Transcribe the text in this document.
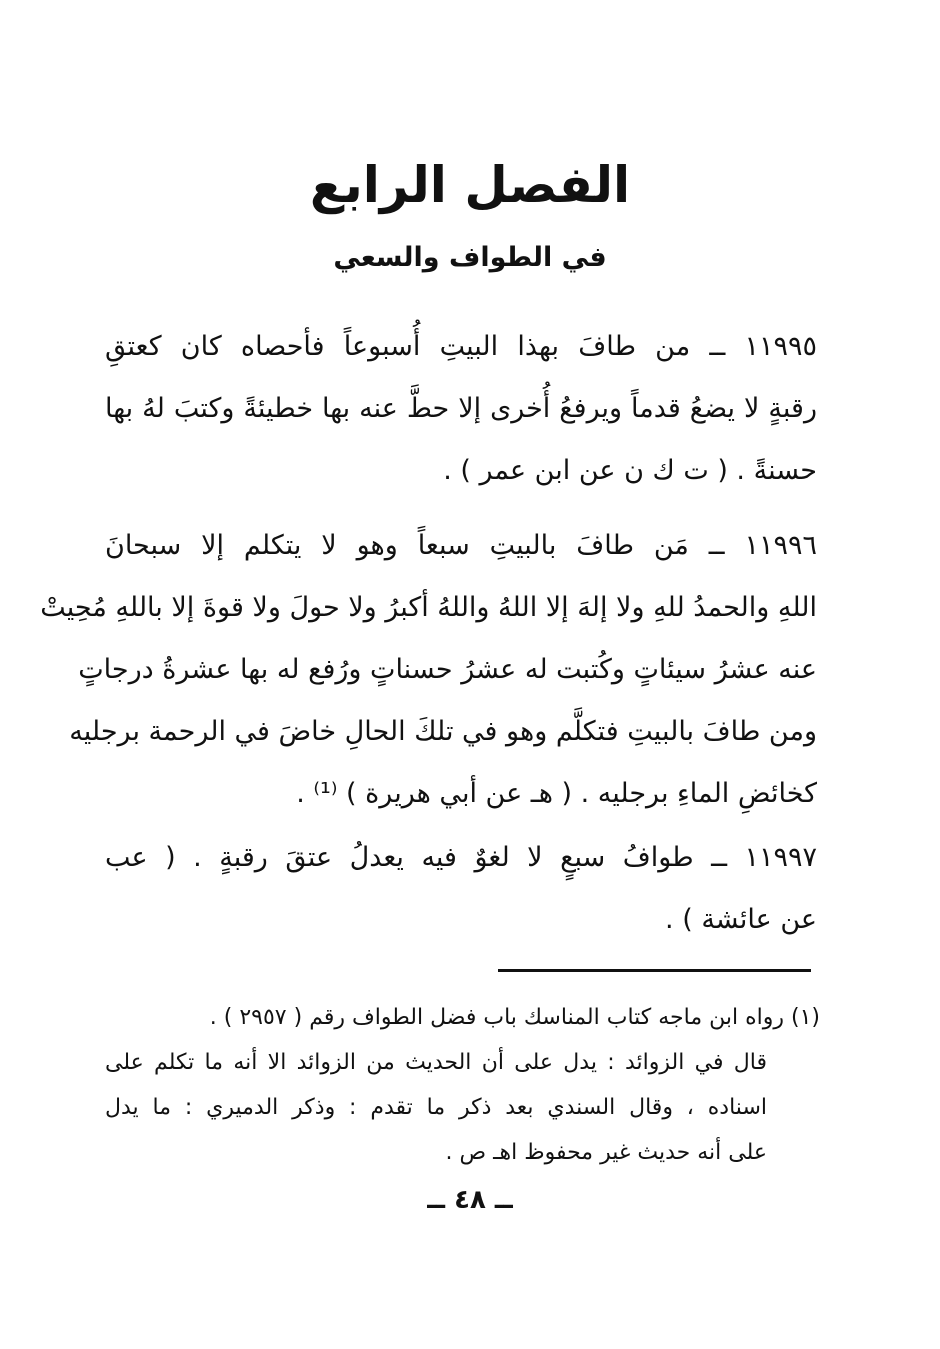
الفصل الرابع
في الطواف والسعي
١١٩٩٥ ــ من طافَ بهذا البيتِ أُسبوعاً فأحصاه كان كعتقِ
رقبةٍ لا يضعُ قدماً ويرفعُ أُخرى إلا حطَّ عنه بها خطيئةً وكتبَ لهُ بها
حسنةً . ( ت ك ن عن ابن عمر ) .
١١٩٩٦ ــ مَن طافَ بالبيتِ سبعاً وهو لا يتكلم إلا سبحانَ
اللهِ والحمدُ للهِ ولا إلهَ إلا اللهُ واللهُ أكبرُ ولا حولَ ولا قوةَ إلا باللهِ مُحِيتْ
عنه عشرُ سيئاتٍ وكُتبت له عشرُ حسناتٍ ورُفع له بها عشرةُ درجاتٍ
ومن طافَ بالبيتِ فتكلَّم وهو في تلكَ الحالِ خاضَ في الرحمة برجليه
كخائضِ الماءِ برجليه . ( هـ عن أبي هريرة ) ⁽¹⁾ .
١١٩٩٧ ــ طوافُ سبعٍ لا لغوٌ فيه يعدلُ عتقَ رقبةٍ . ( عب
عن عائشة ) .
(١) رواه ابن ماجه كتاب المناسك باب فضل الطواف رقم ( ٢٩٥٧ ) .
قال في الزوائد : يدل على أن الحديث من الزوائد الا أنه ما تكلم على
اسناده ، وقال السندي بعد ذكر ما تقدم : وذكر الدميري : ما يدل
على أنه حديث غير محفوظ اهـ ص .
ــ ٤٨ ــ
